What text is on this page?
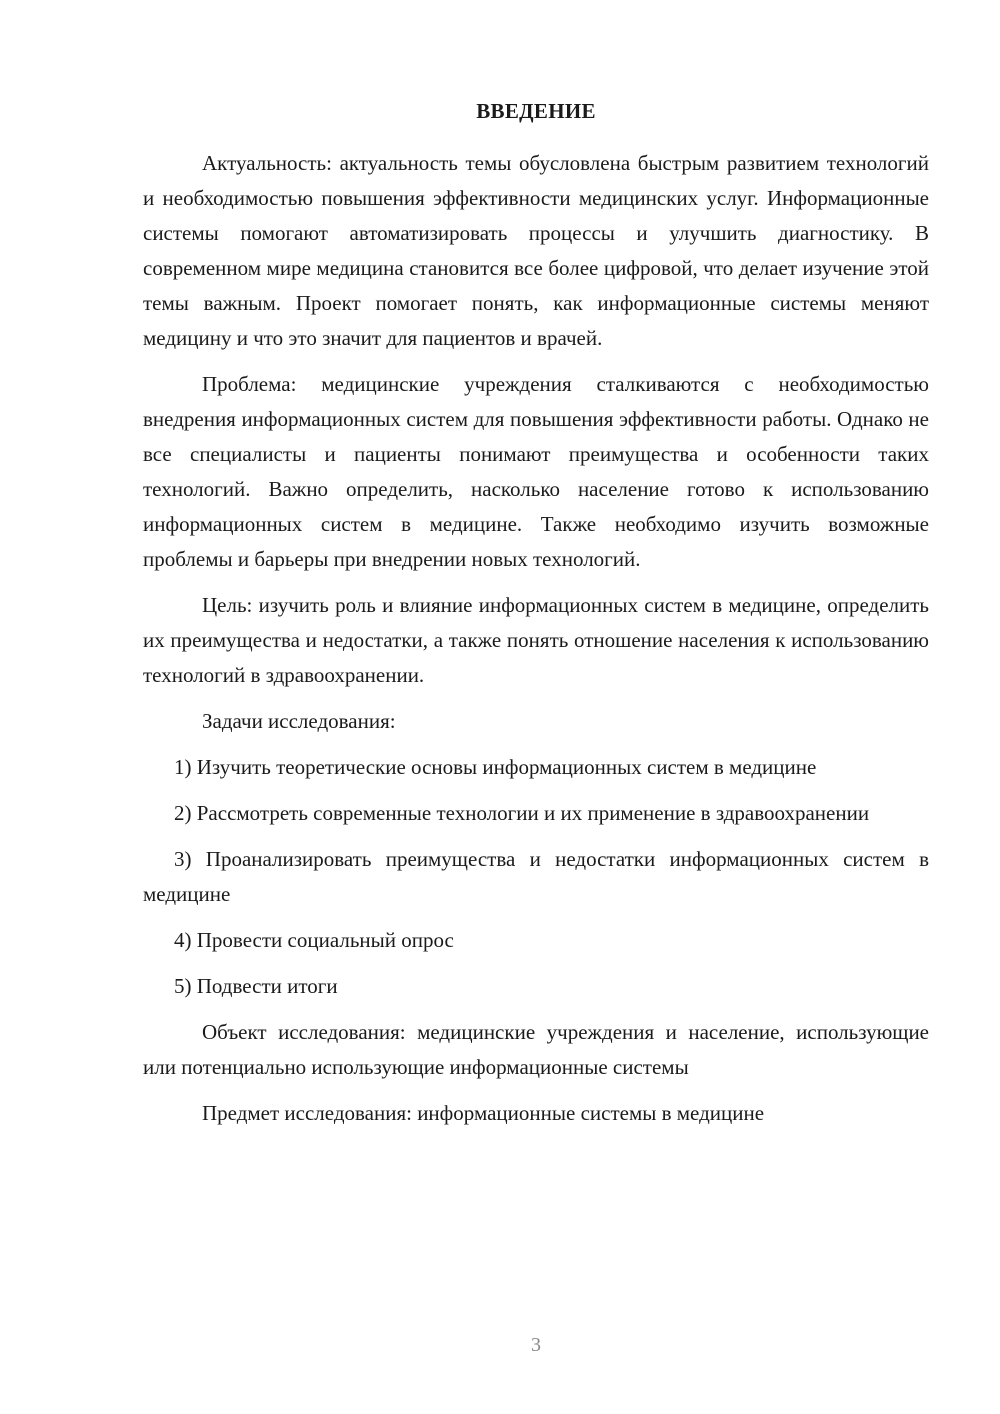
ВВЕДЕНИЕ

Актуальность: актуальность темы обусловлена быстрым развитием технологий и необходимостью повышения эффективности медицинских услуг. Информационные системы помогают автоматизировать процессы и улучшить диагностику. В современном мире медицина становится все более цифровой, что делает изучение этой темы важным. Проект помогает понять, как информационные системы меняют медицину и что это значит для пациентов и врачей.

Проблема: медицинские учреждения сталкиваются с необходимостью внедрения информационных систем для повышения эффективности работы. Однако не все специалисты и пациенты понимают преимущества и особенности таких технологий. Важно определить, насколько население готово к использованию информационных систем в медицине. Также необходимо изучить возможные проблемы и барьеры при внедрении новых технологий.

Цель: изучить роль и влияние информационных систем в медицине, определить их преимущества и недостатки, а также понять отношение населения к использованию технологий в здравоохранении.

Задачи исследования:

1) Изучить теоретические основы информационных систем в медицине

2) Рассмотреть современные технологии и их применение в здравоохранении

3) Проанализировать преимущества и недостатки информационных систем в медицине

4) Провести социальный опрос

5) Подвести итоги

Объект исследования: медицинские учреждения и население, использующие или потенциально использующие информационные системы

Предмет исследования: информационные системы в медицине

3
